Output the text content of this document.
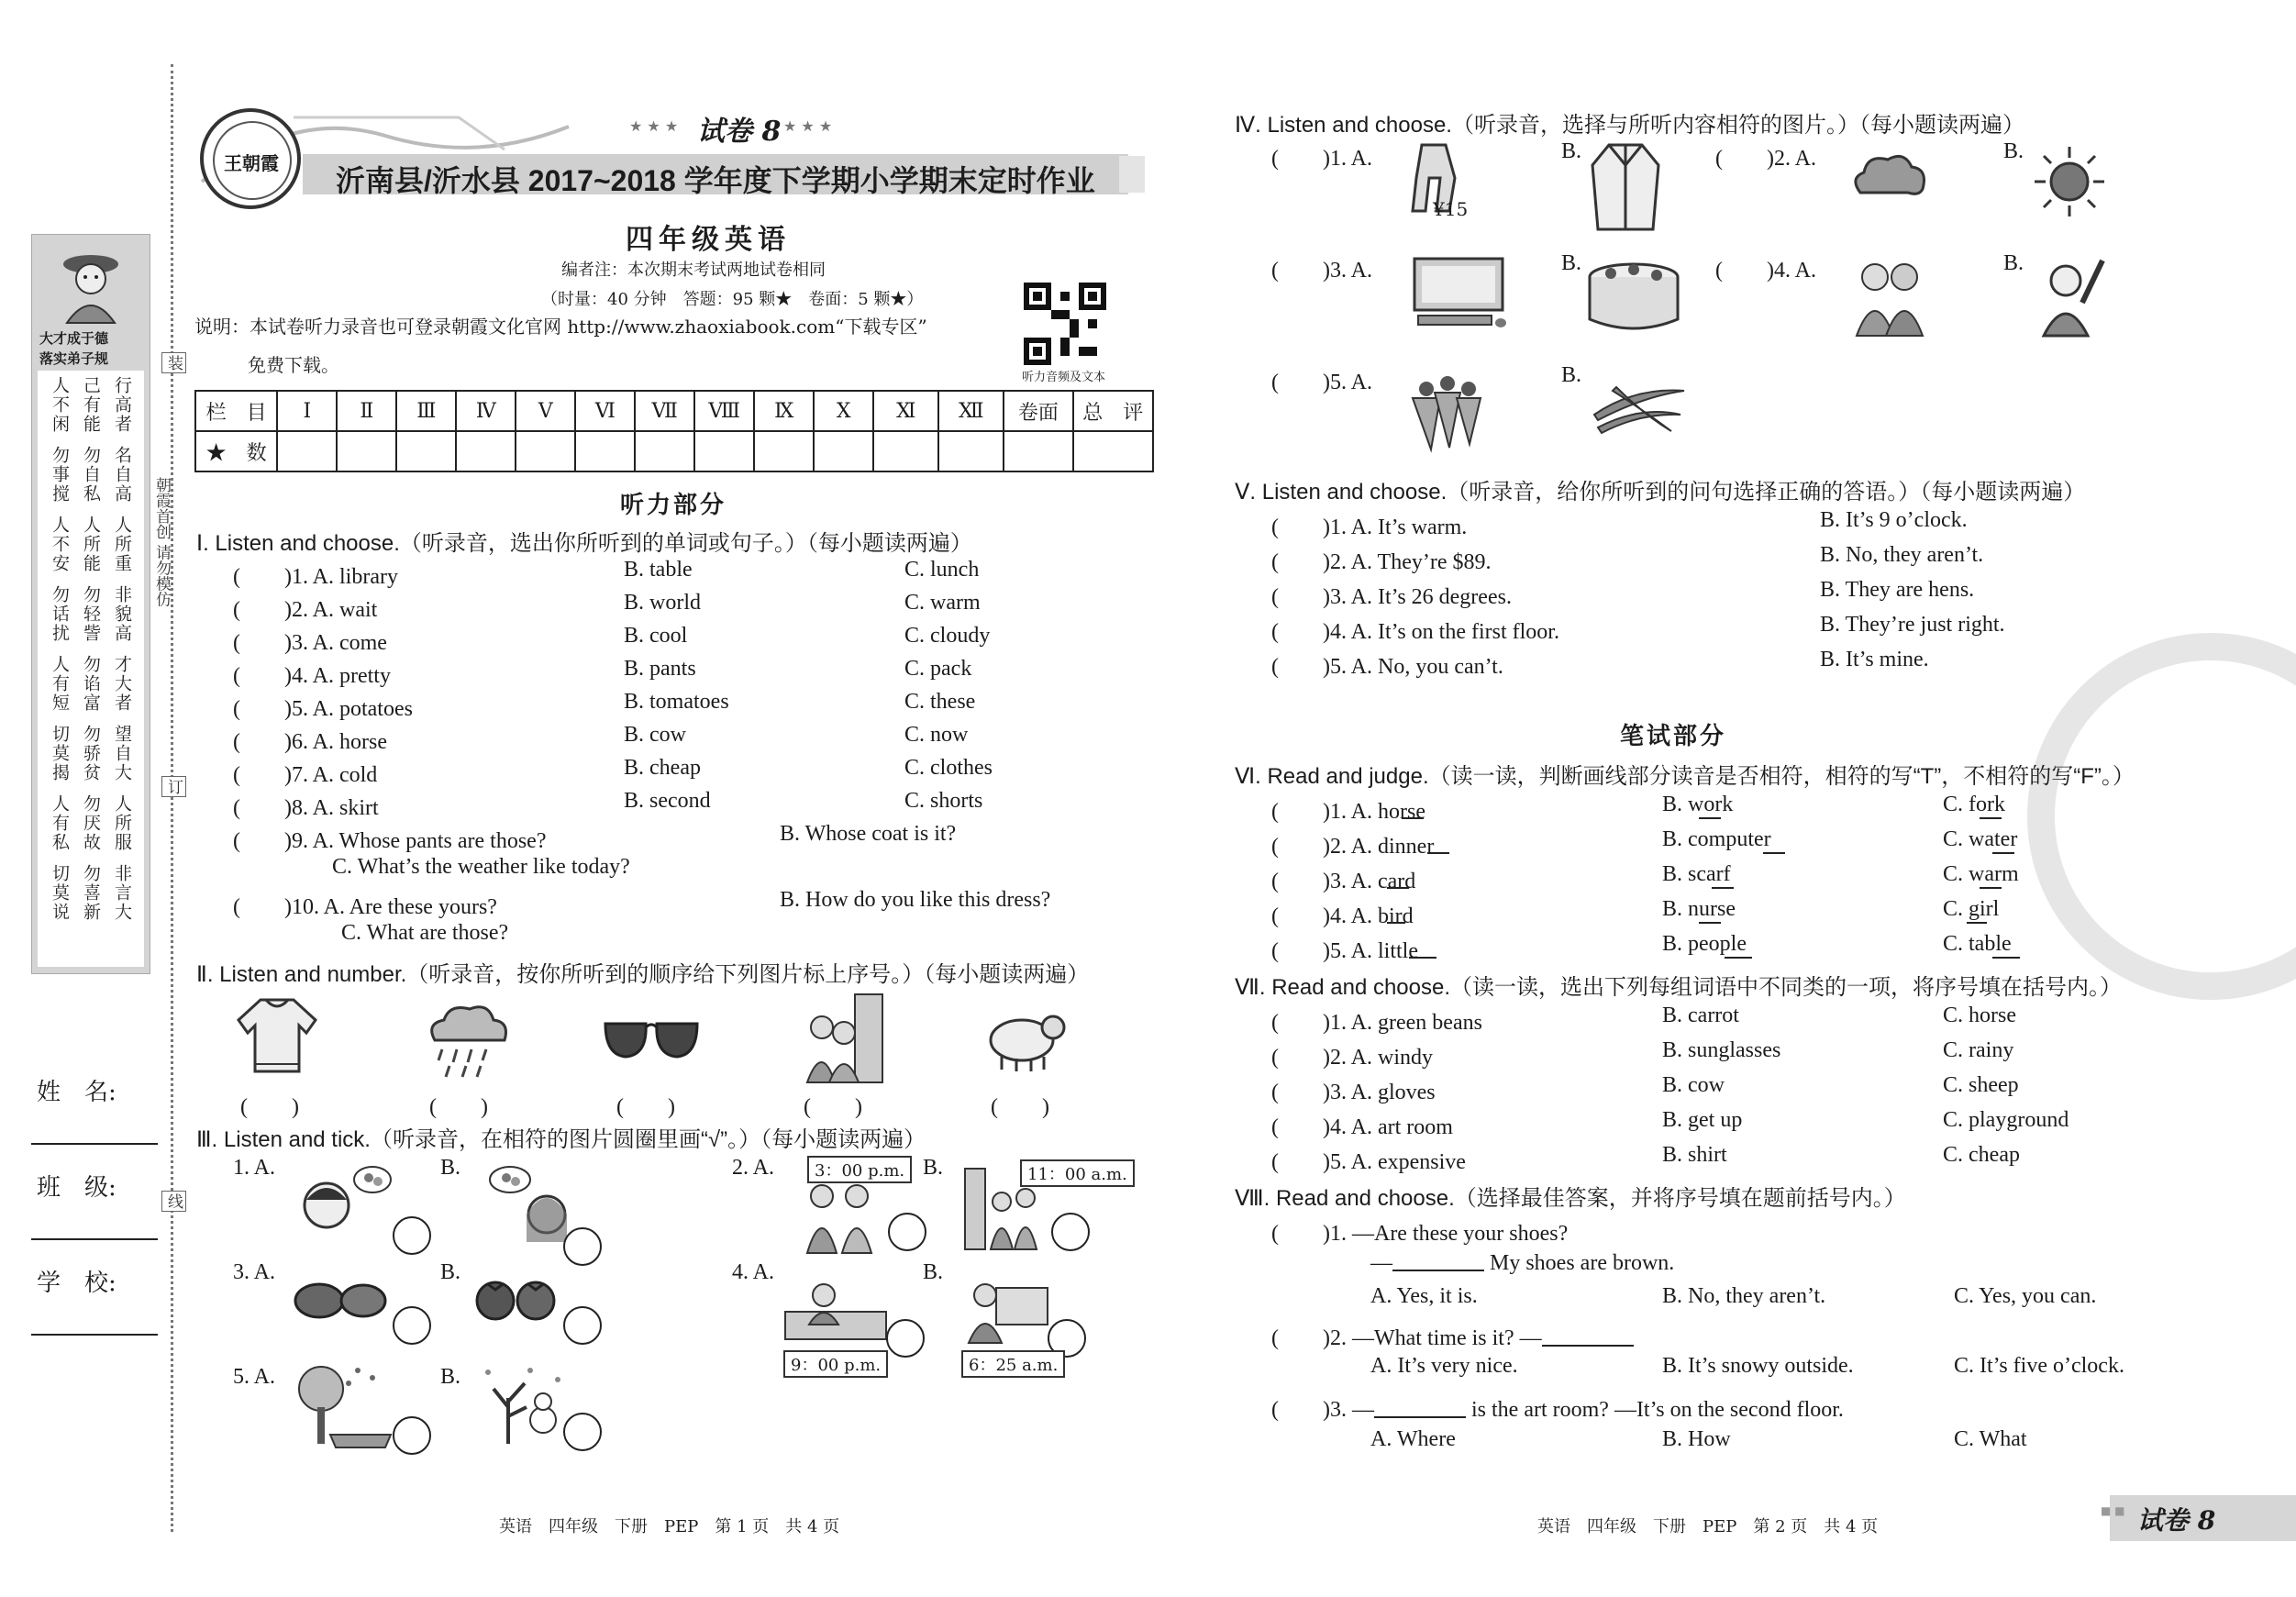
大才成于德
落实弟子规
行高者
己有能
人不闲
名自高
勿自私
勿事搅
人所重
人所能
人不安
非貌高
勿轻訾
勿话扰
才大者
勿谄富
人有短
望自大
勿骄贫
切莫揭
人所服
勿厌故
人有私
非言大
勿喜新
切莫说
装
朝霞首创 请勿模仿
订
线
姓　名:
班　级:
学　校:
王朝霞
★ ★ ★ 试卷 8 ★ ★ ★
沂南县/沂水县 2017~2018 学年度下学期小学期末定时作业
四年级英语
编者注：本次期末考试两地试卷相同
（时量：40 分钟　答题：95 颗★　卷面：5 颗★）
说明：本试卷听力录音也可登录朝霞文化官网 http://www.zhaoxiabook.com“下载专区”
免费下载。
听力音频及文本
栏　目	Ⅰ	Ⅱ	Ⅲ	Ⅳ	Ⅴ	Ⅵ	Ⅶ	Ⅷ	Ⅸ	Ⅹ	Ⅺ	Ⅻ	卷面	总　评
★　数														
听力部分
Ⅰ. Listen and choose.（听录音，选出你所听到的单词或句子。）（每小题读两遍）
(　　)1. A. library	B. table	C. lunch
(　　)2. A. wait	B. world	C. warm
(　　)3. A. come	B. cool	C. cloudy
(　　)4. A. pretty	B. pants	C. pack
(　　)5. A. potatoes	B. tomatoes	C. these
(　　)6. A. horse	B. cow	C. now
(　　)7. A. cold	B. cheap	C. clothes
(　　)8. A. skirt	B. second	C. shorts
(　　)9. A. Whose pants are those?	B. Whose coat is it?
C. What’s the weather like today?
(　　)10. A. Are these yours?	B. How do you like this dress?
C. What are those?
Ⅱ. Listen and number.（听录音，按你所听到的顺序给下列图片标上序号。）（每小题读两遍）
(　　)	(　　)	(　　)	(　　)	(　　)
Ⅲ. Listen and tick.（听录音，在相符的图片圆圈里画“√”。）（每小题读两遍）
1. A.	B.	2. A.	B.
3：00 p.m.	11：00 a.m.
3. A.	B.	4. A.	B.
9：00 p.m.	6：25 a.m.
5. A.	B.
英语　四年级　下册　PEP　第 1 页　共 4 页
Ⅳ. Listen and choose.（听录音，选择与所听内容相符的图片。）（每小题读两遍）
(　　)1. A.
¥15
B.	(　　)2. A.	B.
(　　)3. A.	B.	(　　)4. A.	B.
(　　)5. A.	B.
Ⅴ. Listen and choose.（听录音，给你所听到的问句选择正确的答语。）（每小题读两遍）
(　　)1. A. It’s warm.	B. It’s 9 o’clock.
(　　)2. A. They’re $89.	B. No, they aren’t.
(　　)3. A. It’s 26 degrees.	B. They are hens.
(　　)4. A. It’s on the first floor.	B. They’re just right.
(　　)5. A. No, you can’t.	B. It’s mine.
笔试部分
Ⅵ. Read and judge.（读一读，判断画线部分读音是否相符，相符的写“T”，不相符的写“F”。）
(　　)1. A. horse	B. work	C. fork
(　　)2. A. dinner	B. computer	C. water
(　　)3. A. card	B. scarf	C. warm
(　　)4. A. bird	B. nurse	C. girl
(　　)5. A. little	B. people	C. table
Ⅶ. Read and choose.（读一读，选出下列每组词语中不同类的一项，将序号填在括号内。）
(　　)1. A. green beans	B. carrot	C. horse
(　　)2. A. windy	B. sunglasses	C. rainy
(　　)3. A. gloves	B. cow	C. sheep
(　　)4. A. art room	B. get up	C. playground
(　　)5. A. expensive	B. shirt	C. cheap
Ⅷ. Read and choose.（选择最佳答案，并将序号填在题前括号内。）
(　　)1. —Are these your shoes?
—	My shoes are brown.
A. Yes, it is.	B. No, they aren’t.	C. Yes, you can.
(　　)2. —What time is it? —
A. It’s very nice.	B. It’s snowy outside.	C. It’s five o’clock.
(　　)3. —	is the art room? —It’s on the second floor.
A. Where	B. How	C. What
英语　四年级　下册　PEP　第 2 页　共 4 页
■ ■ 试卷 8
